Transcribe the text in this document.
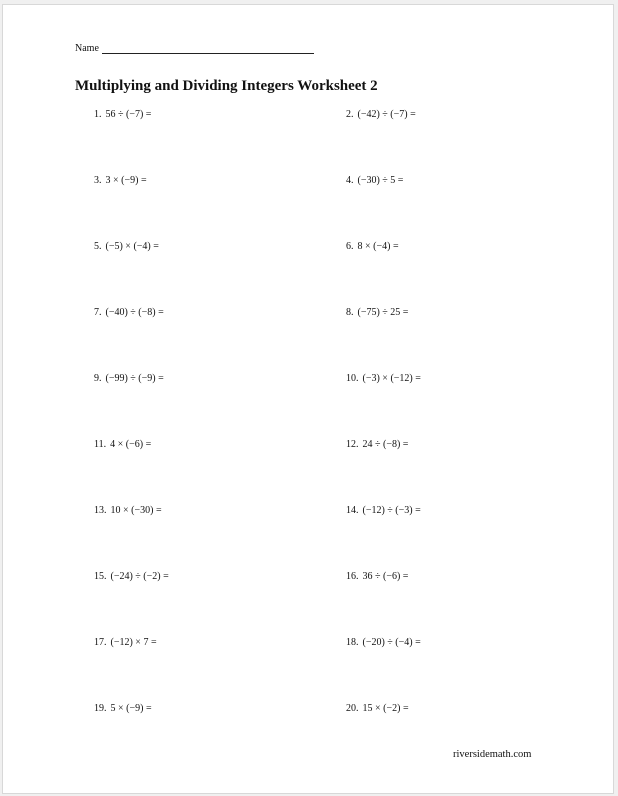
Name
Multiplying and Dividing Integers Worksheet 2
1. 56 ÷ (−7) =	2. (−42) ÷ (−7) =
3. 3 × (−9) =	4. (−30) ÷ 5 =
5. (−5) × (−4) =	6. 8 × (−4) =
7. (−40) ÷ (−8) =	8. (−75) ÷ 25 =
9. (−99) ÷ (−9) =	10. (−3) × (−12) =
11. 4 × (−6) =	12. 24 ÷ (−8) =
13. 10 × (−30) =	14. (−12) ÷ (−3) =
15. (−24) ÷ (−2) =	16. 36 ÷ (−6) =
17. (−12) × 7 =	18. (−20) ÷ (−4) =
19. 5 × (−9) =	20. 15 × (−2) =
riversidemath.com
